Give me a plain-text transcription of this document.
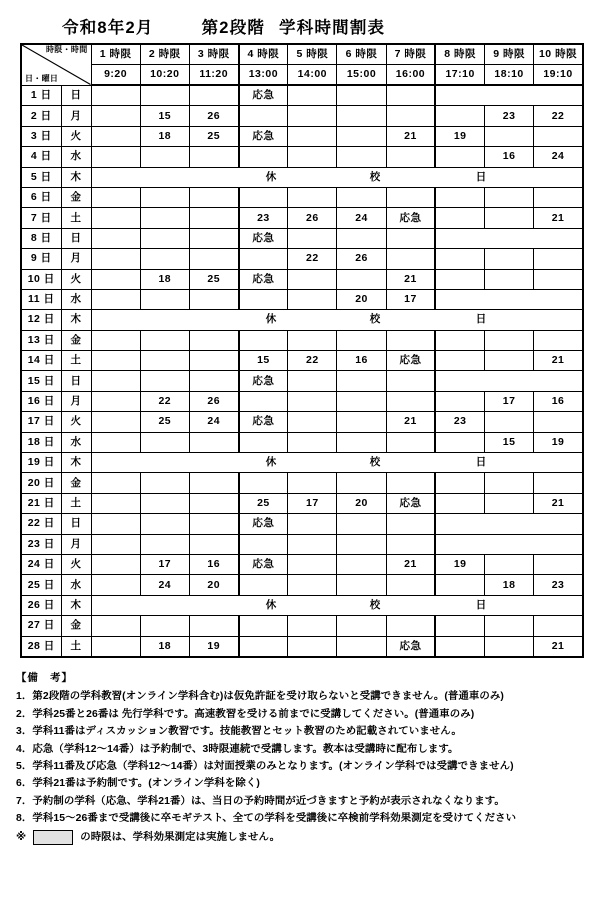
令和8年2月	第2段階 学科時間割表
時限・時間
日・曜日		1 時限	2 時限	3 時限	4 時限	5 時限	6 時限	7 時限	8 時限	9 時限	10 時限
		9:20	10:20	11:20	13:00	14:00	15:00	16:00	17:10	18:10	19:10
1 日	日				応急						
2 日	月		15	26						23	22
3 日	火		18	25	応急			21	19		
4 日	水									16	24
5 日	木	休 校 日									
6 日	金										
7 日	土				23	26	24	応急			21
8 日	日				応急						
9 日	月					22	26				
10 日	火		18	25	応急			21			
11 日	水						20	17			
12 日	木	休 校 日									
13 日	金										
14 日	土				15	22	16	応急			21
15 日	日				応急						
16 日	月		22	26						17	16
17 日	火		25	24	応急			21	23		
18 日	水									15	19
19 日	木	休 校 日									
20 日	金										
21 日	土				25	17	20	応急			21
22 日	日				応急						
23 日	月										
24 日	火		17	16	応急			21	19		
25 日	水		24	20						18	23
26 日	木	休 校 日									
27 日	金										
28 日	土		18	19				応急			21
【備　考】
1．第2段階の学科教習(オンライン学科含む)は仮免許証を受け取らないと受講できません。(普通車のみ)
2．学科25番と26番は 先行学科です。高速教習を受ける前までに受講してください。(普通車のみ)
3．学科11番はディスカッション教習です。技能教習とセット教習のため記載されていません。
4．応急（学科12～14番）は予約制で、3時限連続で受講します。教本は受講時に配布します。
5．学科11番及び応急（学科12～14番）は対面授業のみとなります。(オンライン学科では受講できません)
6．学科21番は予約制です。(オンライン学科を除く)
7．予約制の学科（応急、学科21番）は、当日の予約時間が近づきますと予約が表示されなくなります。
8．学科15～26番まで受講後に卒モギテスト、全ての学科を受講後に卒検前学科効果測定を受けてください
※	の時限は、学科効果測定は実施しません。
